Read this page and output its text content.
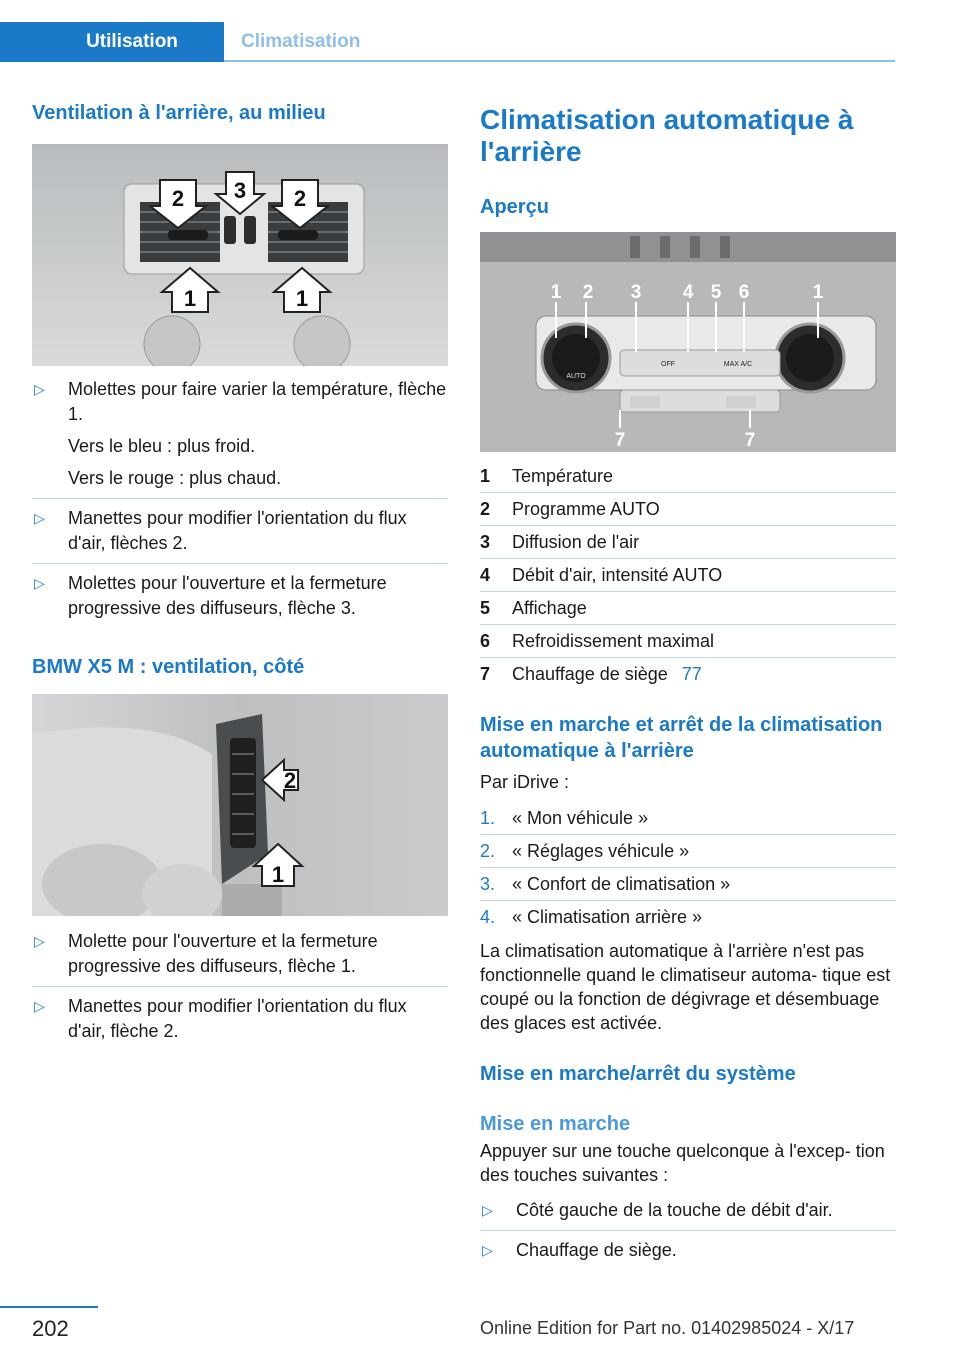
Utilisation	Climatisation
Ventilation à l'arrière, au milieu
2 3 2
1	1
▷	Molettes pour faire varier la température, flèche 1.

Vers le bleu : plus froid.

Vers le rouge : plus chaud.

▷	Manettes pour modifier l'orientation du flux d'air, flèches 2.

▷	Molettes pour l'ouverture et la fermeture progressive des diffuseurs, flèche 3.

BMW X5 M : ventilation, côté
2
1
▷	Molette pour l'ouverture et la fermeture progressive des diffuseurs, flèche 1.

▷	Manettes pour modifier l'orientation du flux d'air, flèche 2.

Climatisation automatique à l'arrière
Aperçu
AUTO
OFF	MAX A/C
1 2 3 4 5 6	1
7	7
1	Température
2	Programme AUTO
3	Diffusion de l'air
4	Débit d'air, intensité AUTO
5	Affichage
6	Refroidissement maximal
7	Chauffage de siège 77
Mise en marche et arrêt de la climatisation automatique à l'arrière

Par iDrive :

1. « Mon véhicule »
2. « Réglages véhicule »
3. « Confort de climatisation »
4. « Climatisation arrière »

La climatisation automatique à l'arrière n'est pas fonctionnelle quand le climatiseur automa‐ tique est coupé ou la fonction de dégivrage et désembuage des glaces est activée.

Mise en marche/arrêt du système
Mise en marche

Appuyer sur une touche quelconque à l'excep‐ tion des touches suivantes :

▷	Côté gauche de la touche de débit d'air.

▷	Chauffage de siège.

202	Online Edition for Part no. 01402985024 - X/17
